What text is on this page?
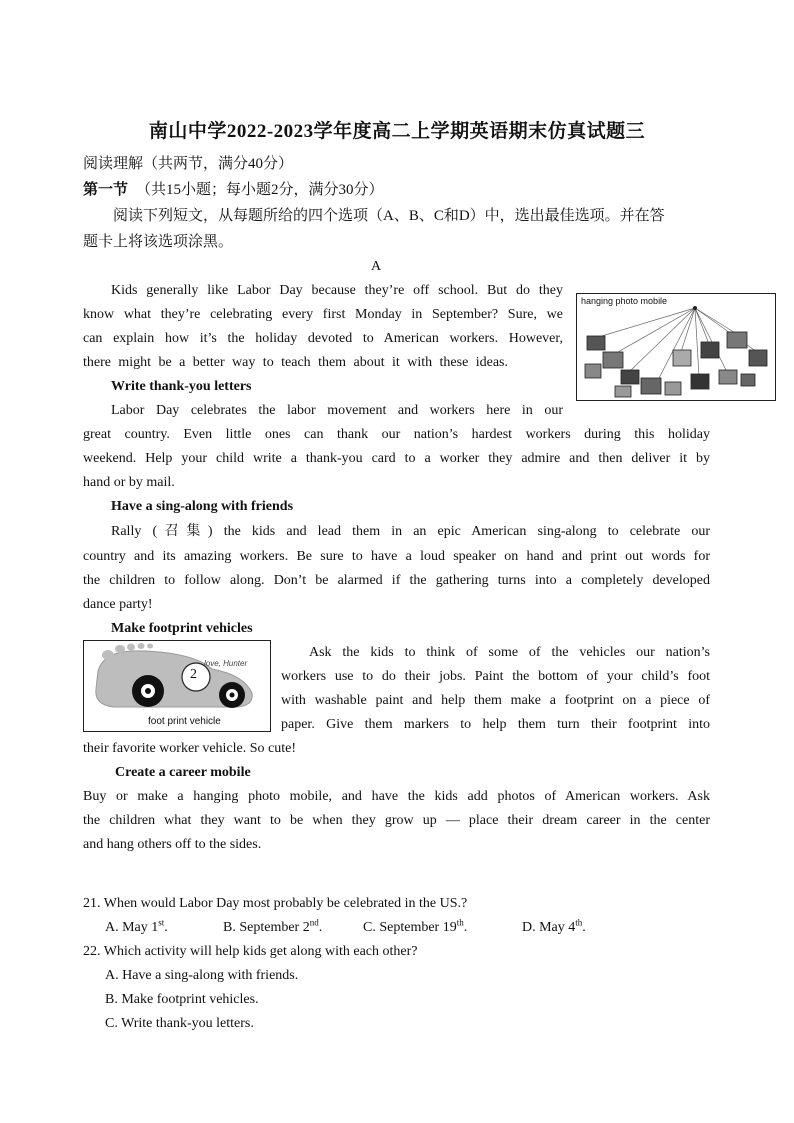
南山中学2022-2023学年度高二上学期英语期末仿真试题三
阅读理解（共两节，满分40分）
第一节 （共15小题；每小题2分，满分30分）
阅读下列短文，从每题所给的四个选项（A、B、C和D）中，选出最佳选项。并在答
题卡上将该选项涂黑。
A
Kids generally like Labor Day because they’re off school. But do they
know what they’re celebrating every first Monday in September? Sure, we
can explain how it’s the holiday devoted to American workers. However,
there might be a better way to teach them about it with these ideas.
hanging photo mobile
Write thank-you letters
Labor Day celebrates the labor movement and workers here in our
great country. Even little ones can thank our nation’s hardest workers during this holiday
weekend. Help your child write a thank-you card to a worker they admire and then deliver it by
hand or by mail.
Have a sing-along with friends
Rally (召集) the kids and lead them in an epic American sing-along to celebrate our
country and its amazing workers. Be sure to have a loud speaker on hand and print out words for
the children to follow along. Don’t be alarmed if the gathering turns into a completely developed
dance party!
Make footprint vehicles
2
love, Hunter
foot print vehicle
Ask the kids to think of some of the vehicles our nation’s
workers use to do their jobs. Paint the bottom of your child’s foot
with washable paint and help them make a footprint on a piece of
paper. Give them markers to help them turn their footprint into
their favorite worker vehicle. So cute!
Create a career mobile
Buy or make a hanging photo mobile, and have the kids add photos of American workers. Ask
the children what they want to be when they grow up — place their dream career in the center
and hang others off to the sides.
21. When would Labor Day most probably be celebrated in the US.?
A. May 1st.	B. September 2nd.	C. September 19th.	D. May 4th.
22. Which activity will help kids get along with each other?
A. Have a sing-along with friends.
B. Make footprint vehicles.
C. Write thank-you letters.
